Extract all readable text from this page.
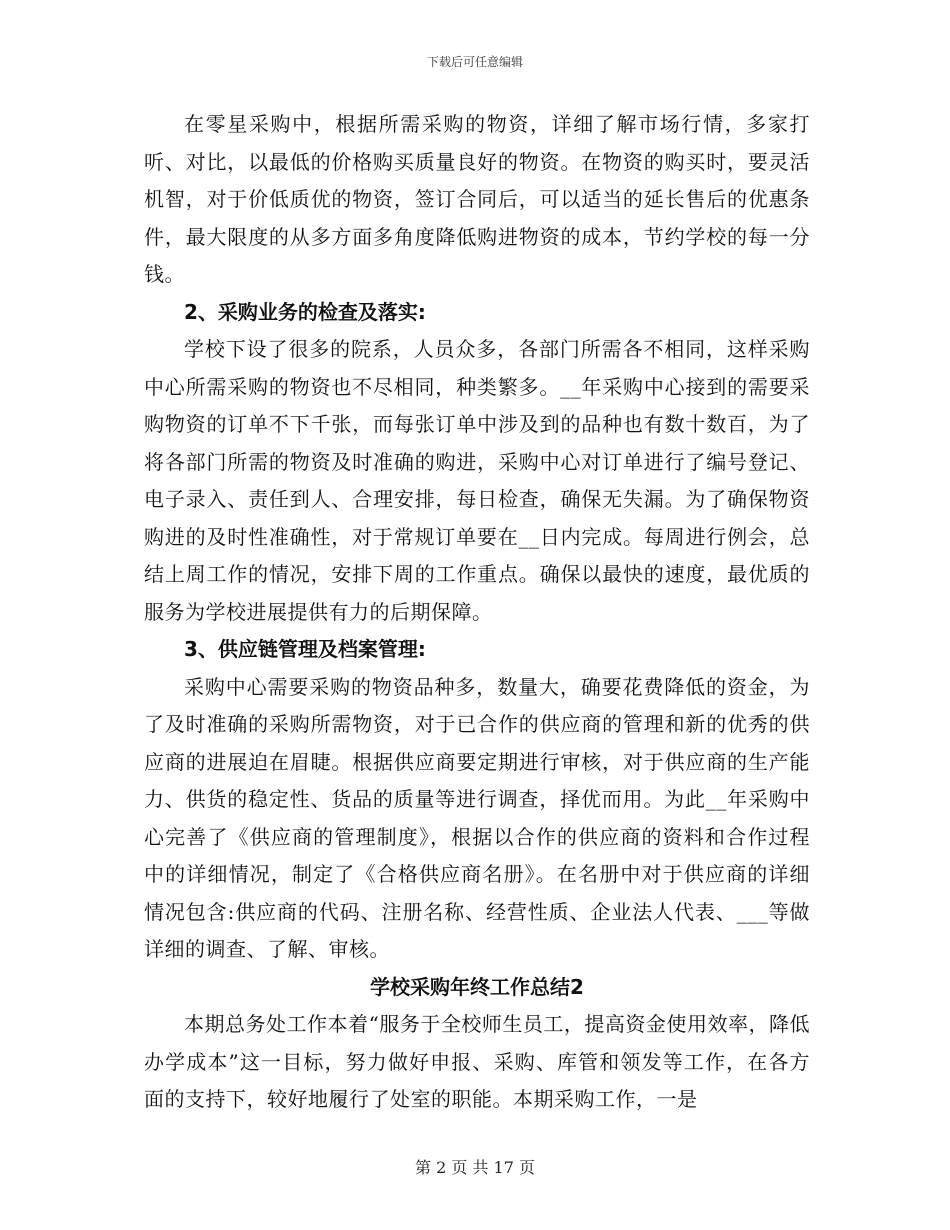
下载后可任意编辑

在零星采购中，根据所需采购的物资，详细了解市场行情，多家打听、对比，以最低的价格购买质量良好的物资。在物资的购买时，要灵活机智，对于价低质优的物资，签订合同后，可以适当的延长售后的优惠条件，最大限度的从多方面多角度降低购进物资的成本，节约学校的每一分钱。

2、采购业务的检查及落实:

学校下设了很多的院系，人员众多，各部门所需各不相同，这样采购中心所需采购的物资也不尽相同，种类繁多。__年采购中心接到的需要采购物资的订单不下千张，而每张订单中涉及到的品种也有数十数百，为了将各部门所需的物资及时准确的购进，采购中心对订单进行了编号登记、电子录入、责任到人、合理安排，每日检查，确保无失漏。为了确保物资购进的及时性准确性，对于常规订单要在__日内完成。每周进行例会，总结上周工作的情况，安排下周的工作重点。确保以最快的速度，最优质的服务为学校进展提供有力的后期保障。

3、供应链管理及档案管理:

采购中心需要采购的物资品种多，数量大，确要花费降低的资金，为了及时准确的采购所需物资，对于已合作的供应商的管理和新的优秀的供应商的进展迫在眉睫。根据供应商要定期进行审核，对于供应商的生产能力、供货的稳定性、货品的质量等进行调查，择优而用。为此__年采购中心完善了《供应商的管理制度》，根据以合作的供应商的资料和合作过程中的详细情况，制定了《合格供应商名册》。在名册中对于供应商的详细情况包含:供应商的代码、注册名称、经营性质、企业法人代表、___等做详细的调查、了解、审核。

学校采购年终工作总结2

本期总务处工作本着“服务于全校师生员工，提高资金使用效率，降低办学成本”这一目标，努力做好申报、采购、库管和领发等工作，在各方面的支持下，较好地履行了处室的职能。本期采购工作，一是

第 2 页 共 17 页
